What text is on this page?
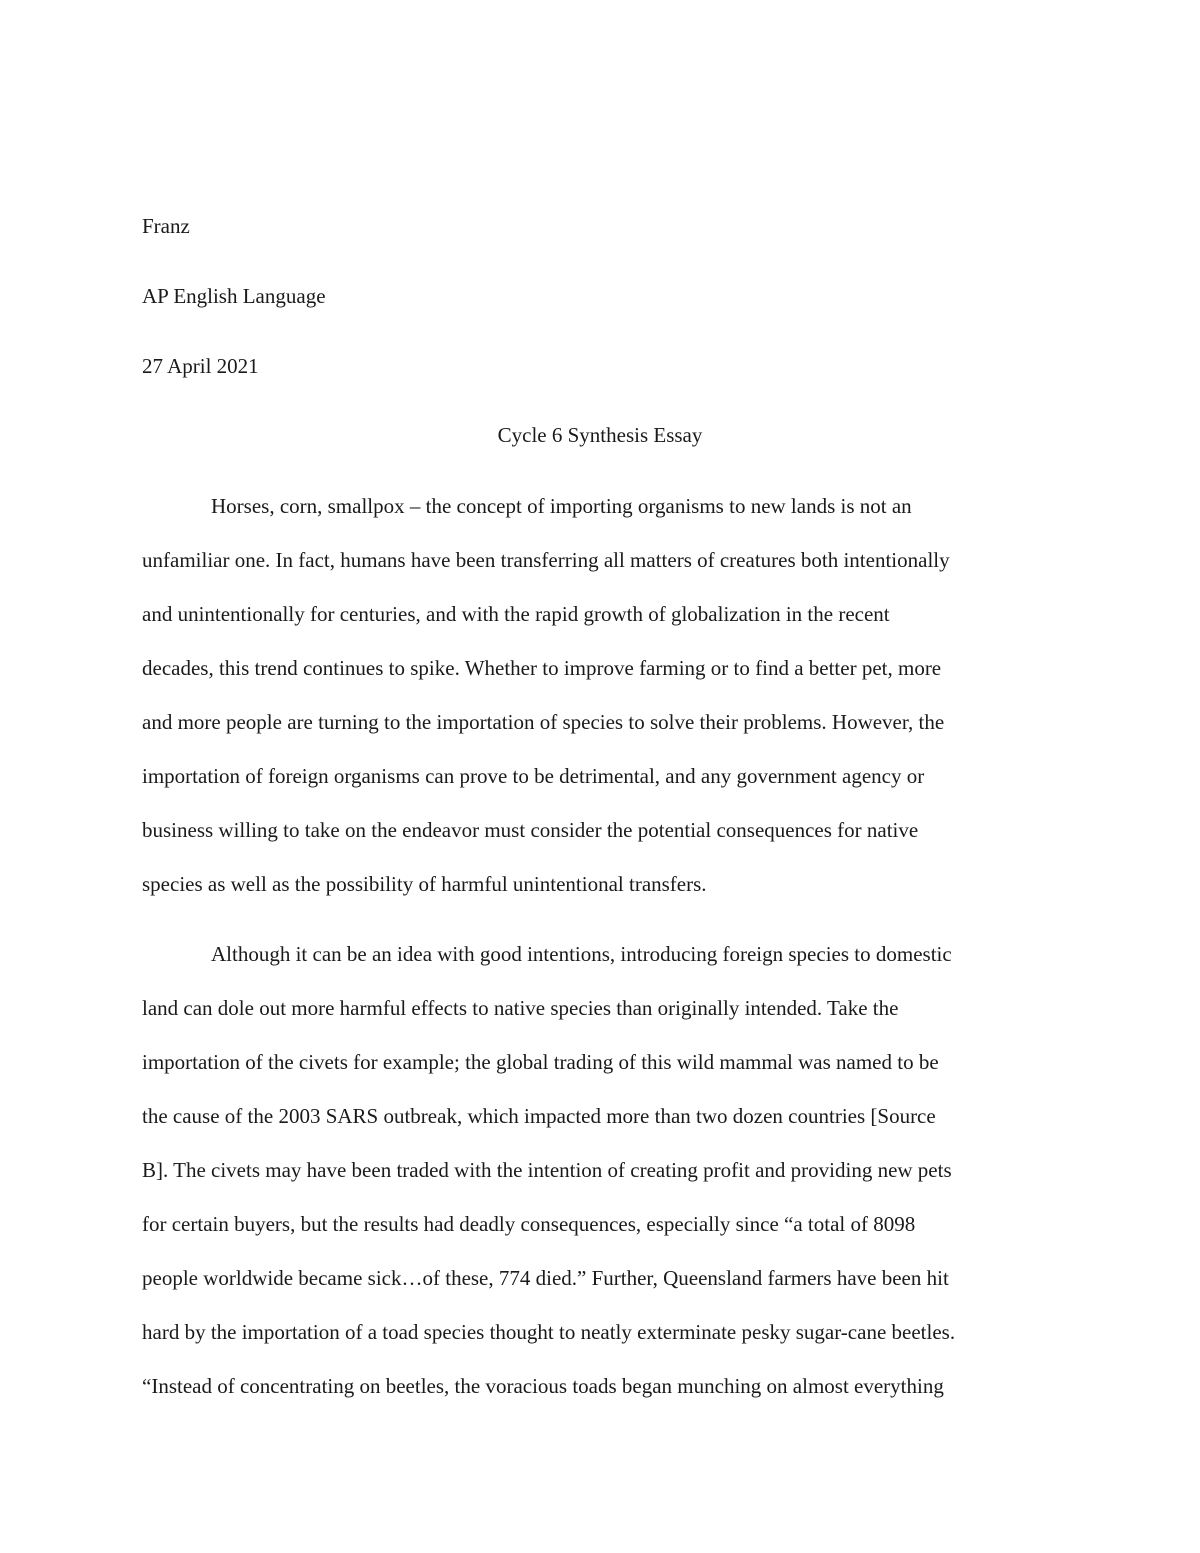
Franz
AP English Language
27 April 2021
Cycle 6 Synthesis Essay
Horses, corn, smallpox – the concept of importing organisms to new lands is not an
unfamiliar one. In fact, humans have been transferring all matters of creatures both intentionally
and unintentionally for centuries, and with the rapid growth of globalization in the recent
decades, this trend continues to spike. Whether to improve farming or to find a better pet, more
and more people are turning to the importation of species to solve their problems. However, the
importation of foreign organisms can prove to be detrimental, and any government agency or
business willing to take on the endeavor must consider the potential consequences for native
species as well as the possibility of harmful unintentional transfers.
Although it can be an idea with good intentions, introducing foreign species to domestic
land can dole out more harmful effects to native species than originally intended. Take the
importation of the civets for example; the global trading of this wild mammal was named to be
the cause of the 2003 SARS outbreak, which impacted more than two dozen countries [Source
B]. The civets may have been traded with the intention of creating profit and providing new pets
for certain buyers, but the results had deadly consequences, especially since “a total of 8098
people worldwide became sick…of these, 774 died.” Further, Queensland farmers have been hit
hard by the importation of a toad species thought to neatly exterminate pesky sugar-cane beetles.
“Instead of concentrating on beetles, the voracious toads began munching on almost everything
